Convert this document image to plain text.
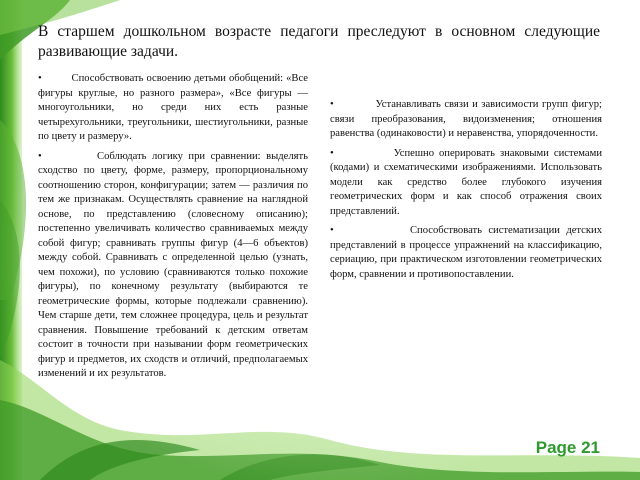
В старшем дошкольном возрасте педагоги преследуют в основном следующие развивающие задачи.

•	Способствовать освоению детьми обобщений: «Все фигуры круглые, но разного размера», «Все фигуры — многоугольники, но среди них есть разные четырехугольники, треугольники, шестиугольники, разные по цвету и размеру».

•	Соблюдать логику при сравнении: выделять сходство по цвету, форме, размеру, пропорциональному соотношению сторон, конфигурации; затем — различия по тем же признакам. Осуществлять сравнение на наглядной основе, по представлению (словесному описанию); постепенно увеличивать количество сравниваемых между собой фигур; сравнивать группы фигур (4—6 объектов) между собой. Сравнивать с определенной целью (узнать, чем похожи), по условию (сравниваются только похожие фигуры), по конечному результату (выбираются те геометрические формы, которые подлежали сравнению). Чем старше дети, тем сложнее процедура, цель и результат сравнения. Повышение требований к детским ответам состоит в точности при назывании форм геометрических фигур и предметов, их сходств и отличий, предполагаемых изменений и их результатов.

•	Устанавливать связи и зависимости групп фигур; связи преобразования, видоизменения; отношения равенства (одинаковости) и неравенства, упорядоченности.

•	Успешно оперировать знаковыми системами (кодами) и схематическими изображениями. Использовать модели как средство более глубокого изучения геометрических форм и как способ отражения своих представлений.

•	Способствовать систематизации детских представлений в процессе упражнений на классификацию, сериацию, при практическом изготовлении геометрических форм, сравнении и противопоставлении.

Page 21
